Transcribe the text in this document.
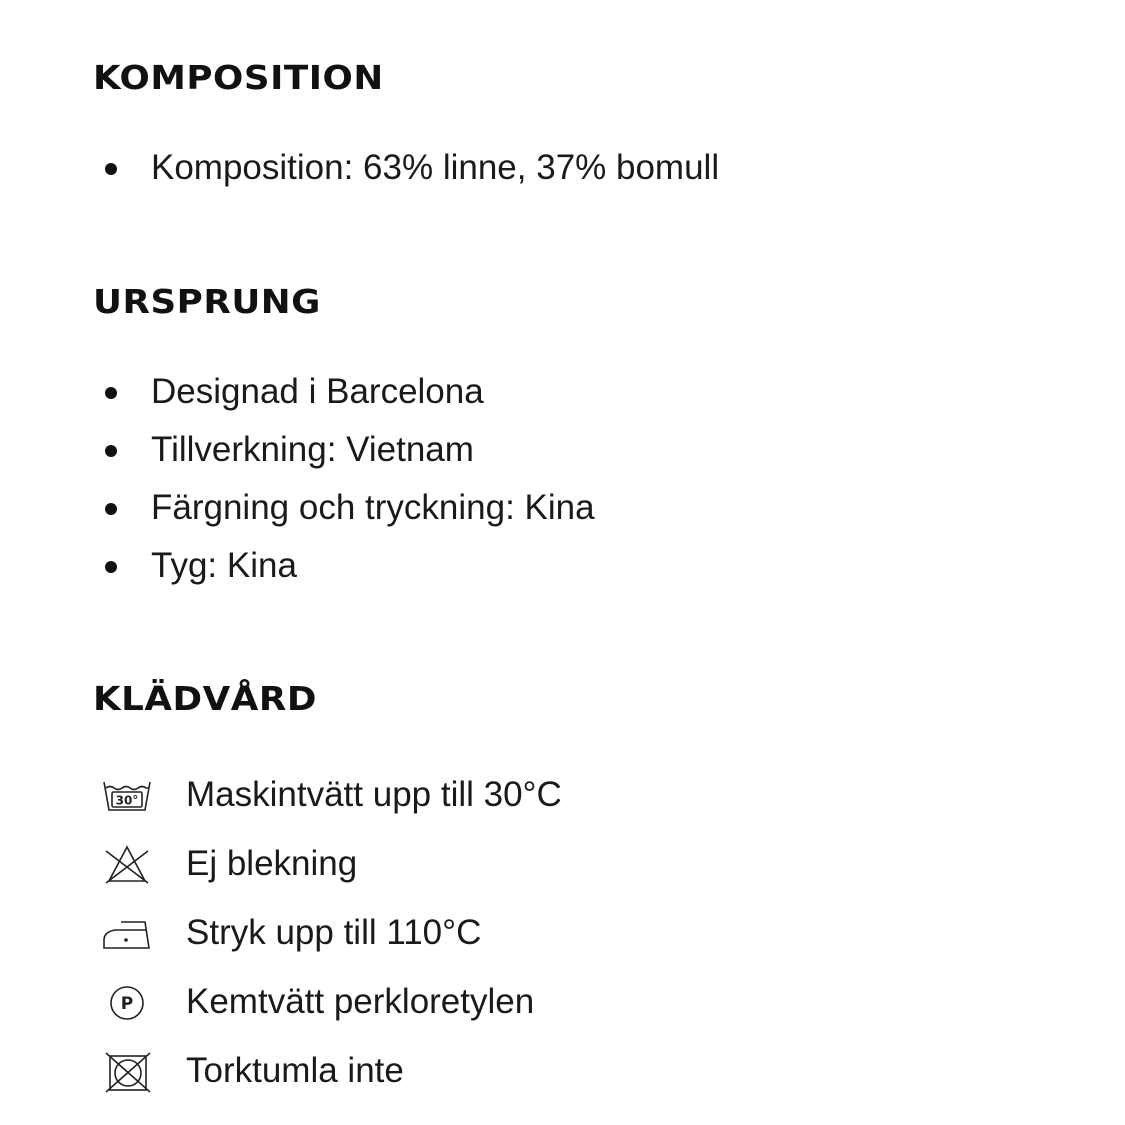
KOMPOSITION
Komposition: 63% linne, 37% bomull
URSPRUNG
Designad i Barcelona
Tillverkning: Vietnam
Färgning och tryckning: Kina
Tyg: Kina
KLÄDVÅRD
30° Maskintvätt upp till 30°C
Ej blekning
Stryk upp till 110°C
P Kemtvätt perkloretylen
Torktumla inte
